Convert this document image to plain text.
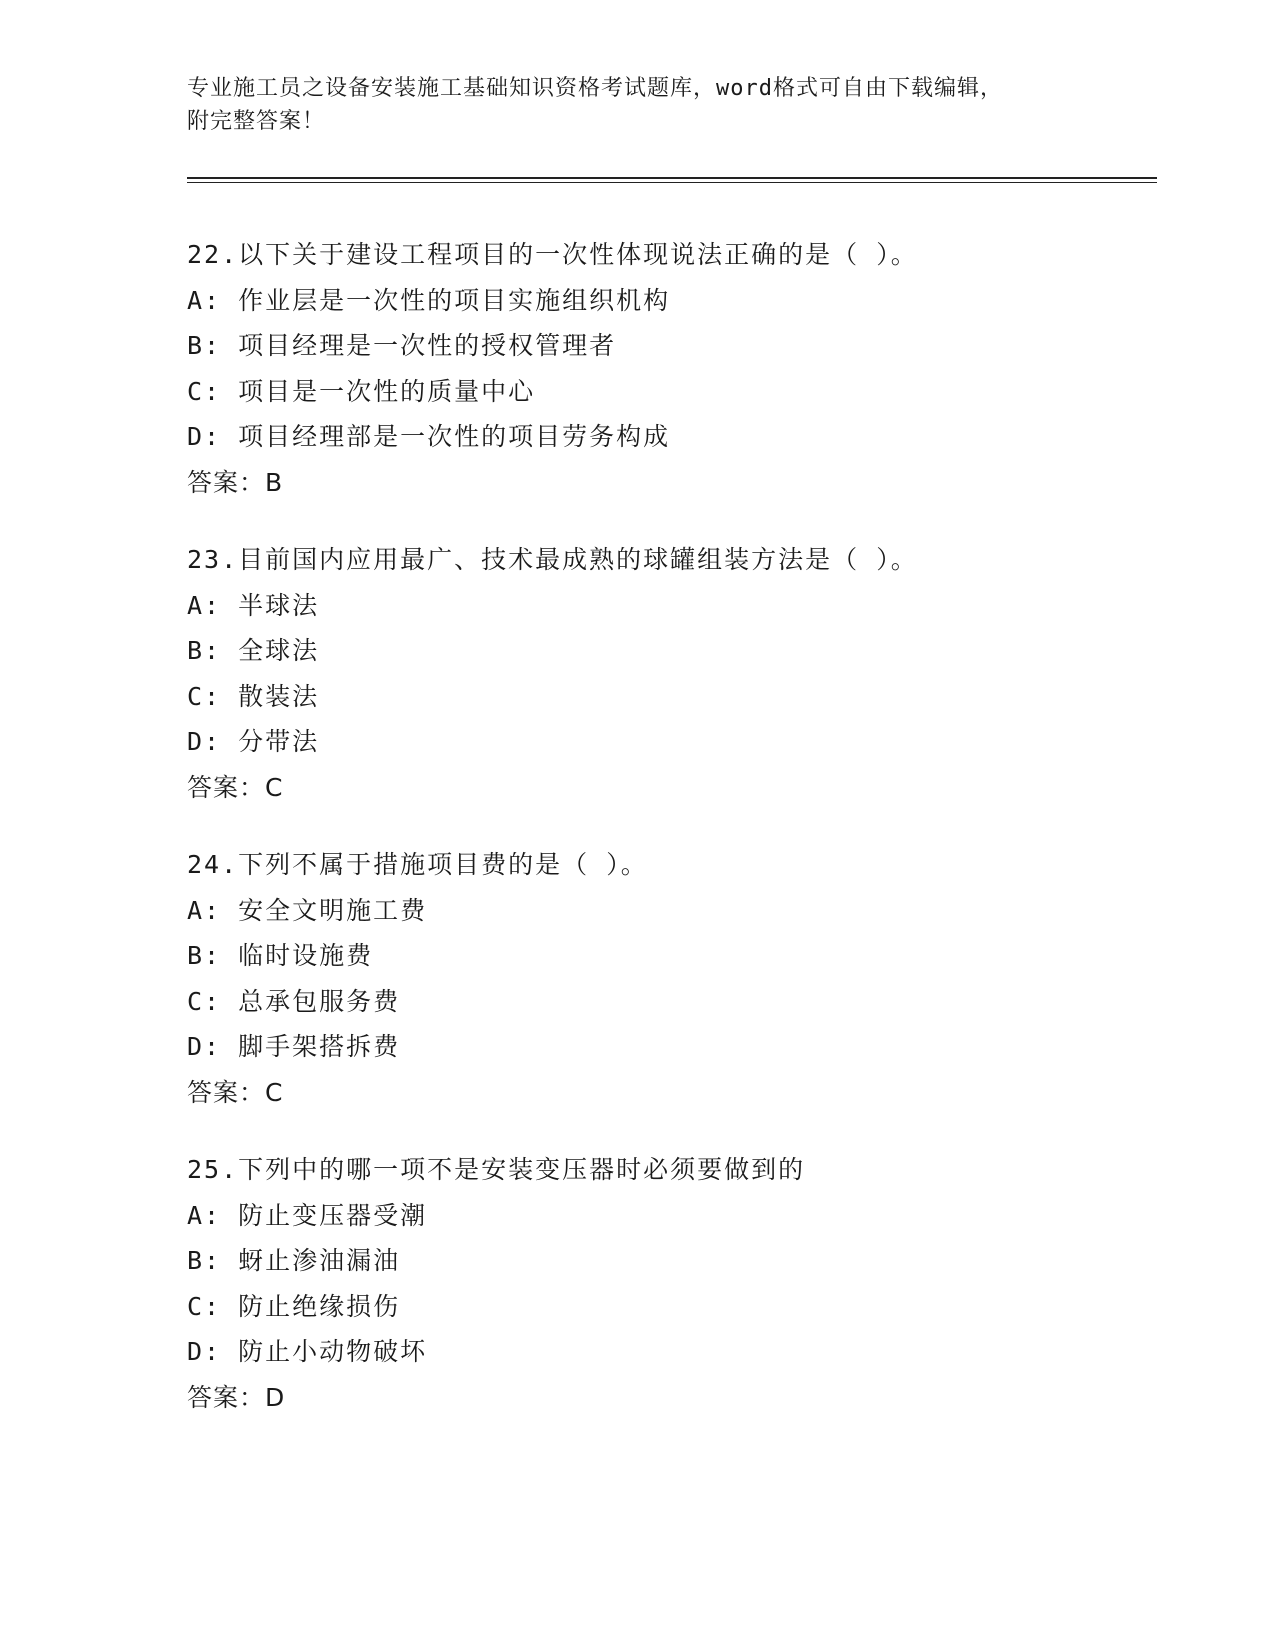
专业施工员之设备安装施工基础知识资格考试题库，word格式可自由下载编辑，
附完整答案！
22.以下关于建设工程项目的一次性体现说法正确的是（ ）。
A: 作业层是一次性的项目实施组织机构
B: 项目经理是一次性的授权管理者
C: 项目是一次性的质量中心
D: 项目经理部是一次性的项目劳务构成
答案：B
23.目前国内应用最广、技术最成熟的球罐组装方法是（ ）。
A: 半球法
B: 全球法
C: 散装法
D: 分带法
答案：C
24.下列不属于措施项目费的是（ ）。
A: 安全文明施工费
B: 临时设施费
C: 总承包服务费
D: 脚手架搭拆费
答案：C
25.下列中的哪一项不是安装变压器时必须要做到的
A: 防止变压器受潮
B: 蚜止渗油漏油
C: 防止绝缘损伤
D: 防止小动物破坏
答案：D
